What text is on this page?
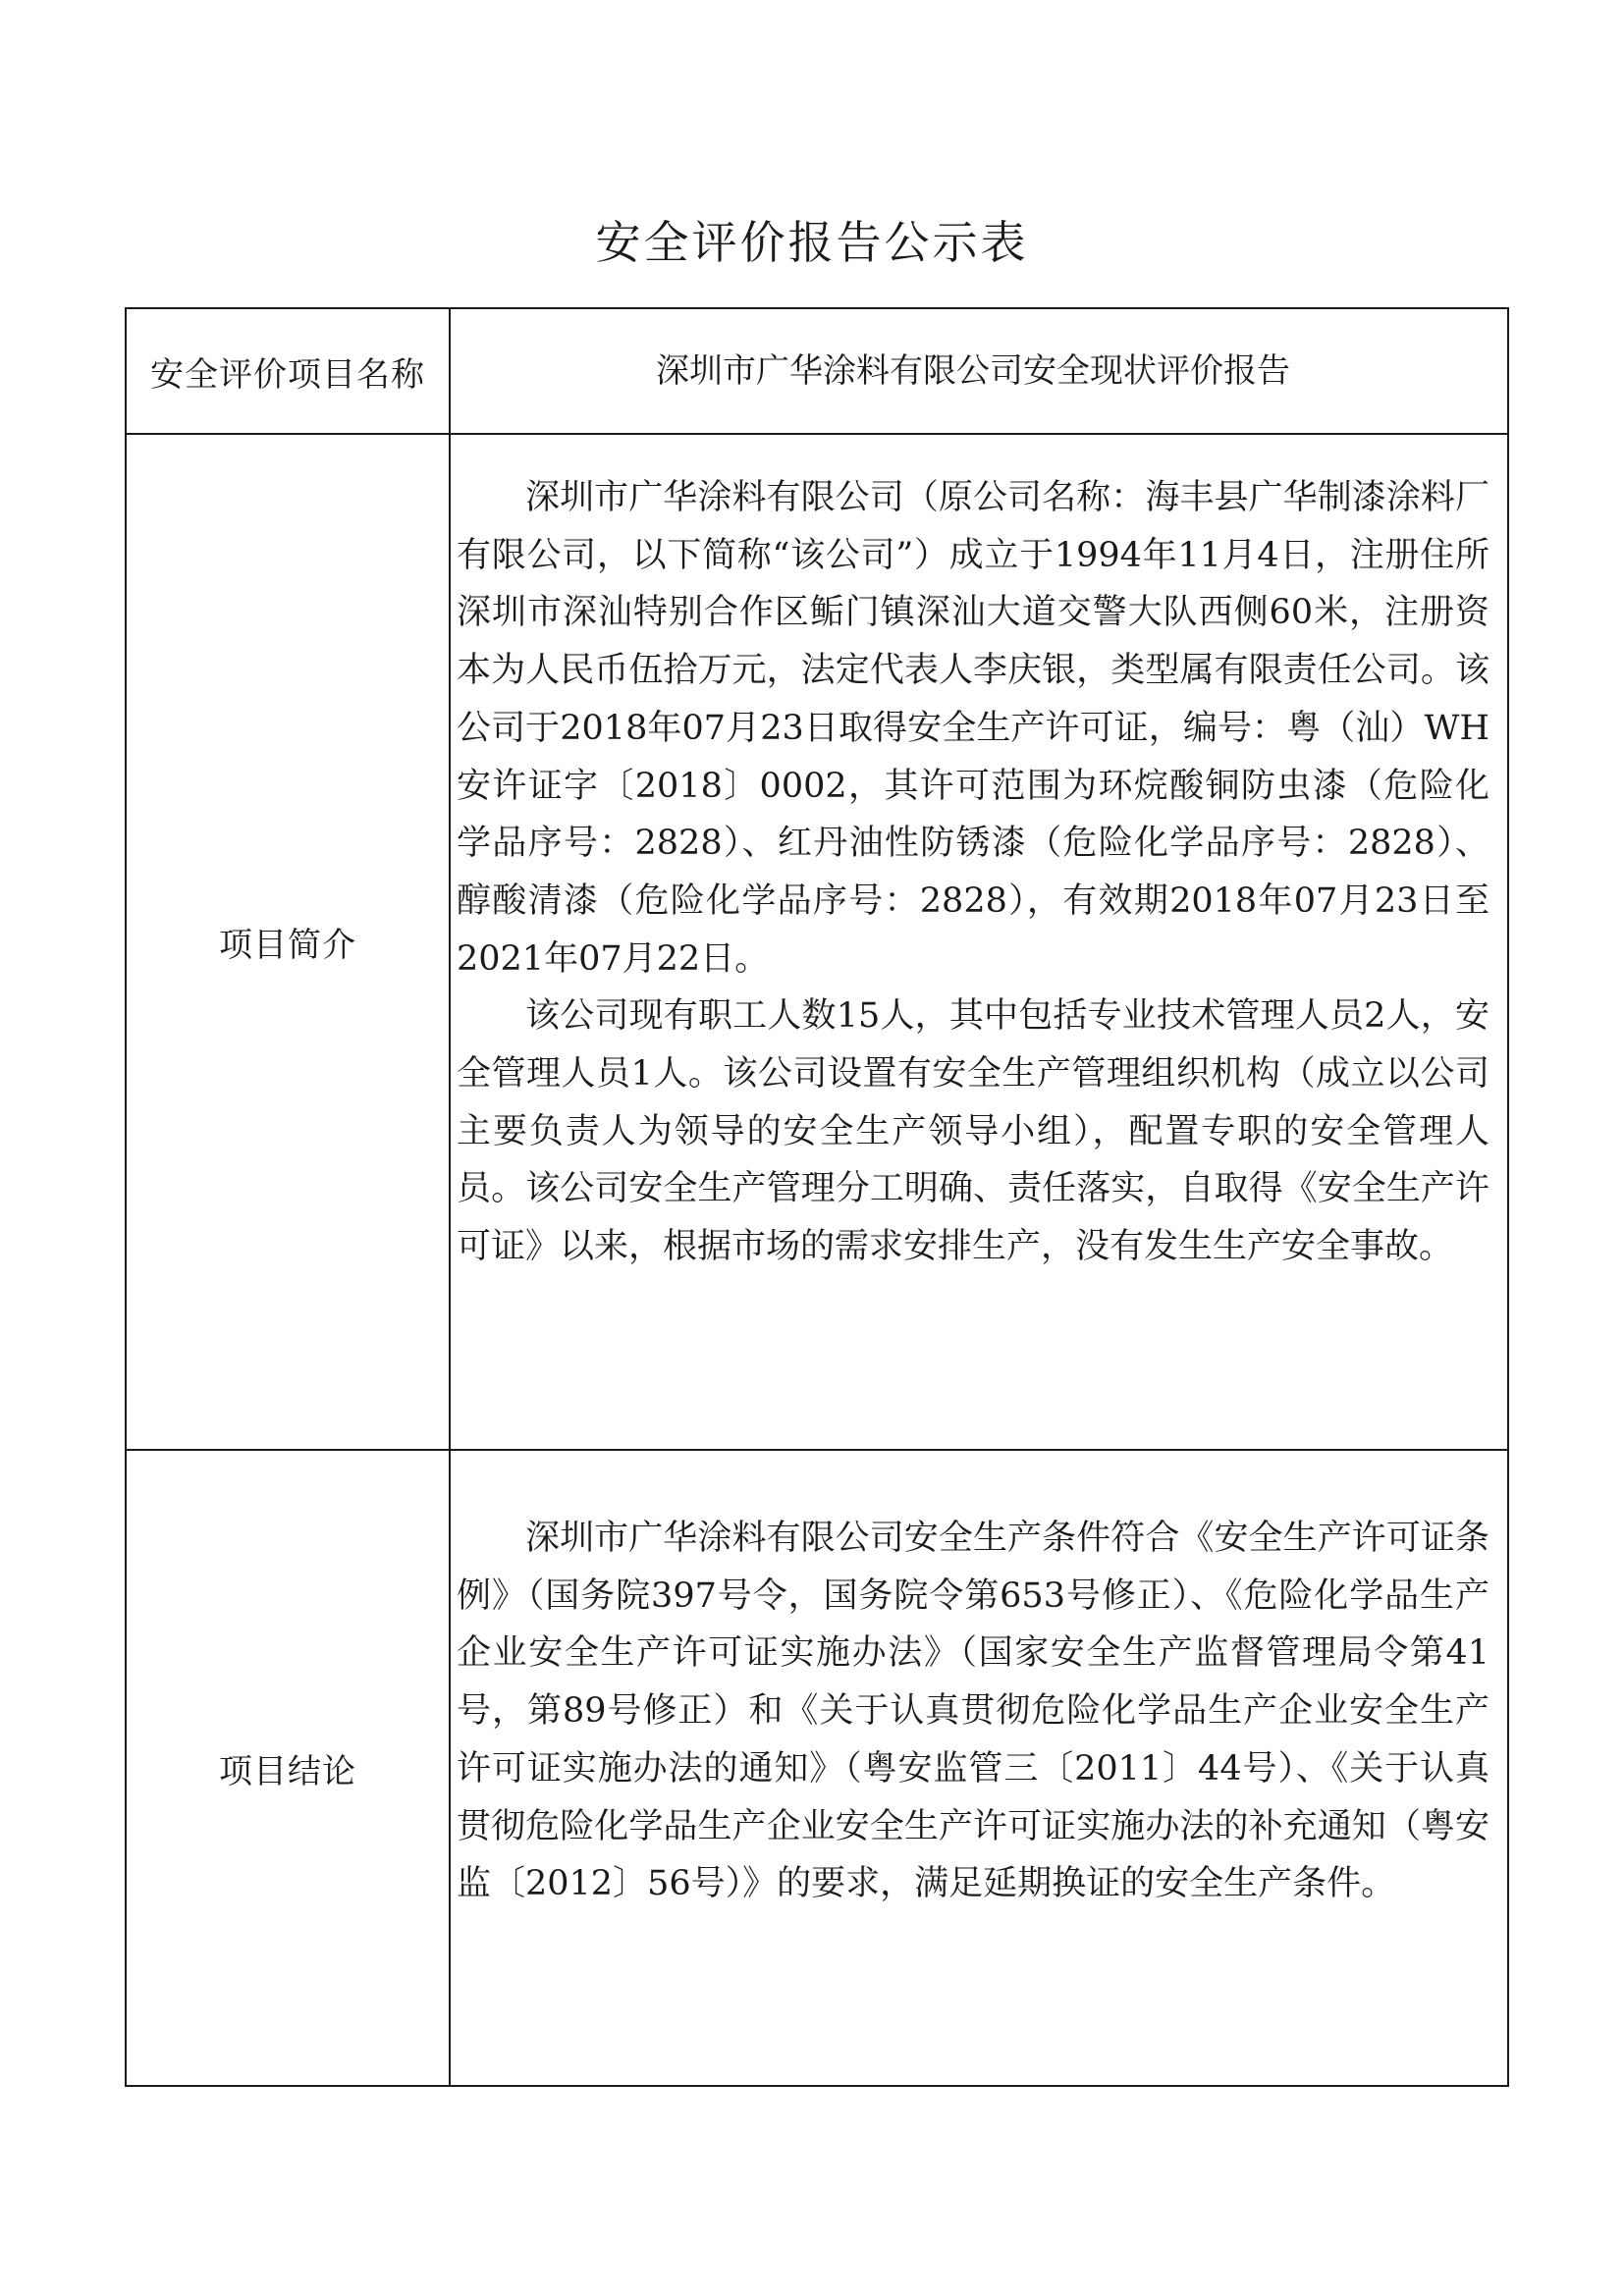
安全评价报告公示表
安全评价项目名称	深圳市广华涂料有限公司安全现状评价报告
项目简介	深圳市广华涂料有限公司（原公司名称：海丰县广华制漆涂料厂有限公司，以下简称“该公司”）成立于1994年11月4日，注册住所深圳市深汕特别合作区鲘门镇深汕大道交警大队西侧60米，注册资本为人民币伍拾万元，法定代表人李庆银，类型属有限责任公司。该公司于2018年07月23日取得安全生产许可证，编号：粤（汕）WH安许证字〔2018〕0002，其许可范围为环烷酸铜防虫漆（危险化学品序号：2828）、红丹油性防锈漆（危险化学品序号：2828）、醇酸清漆（危险化学品序号：2828），有效期2018年07月23日至2021年07月22日。

该公司现有职工人数15人，其中包括专业技术管理人员2人，安全管理人员1人。该公司设置有安全生产管理组织机构（成立以公司主要负责人为领导的安全生产领导小组），配置专职的安全管理人员。该公司安全生产管理分工明确、责任落实，自取得《安全生产许可证》以来，根据市场的需求安排生产，没有发生生产安全事故。

项目结论	深圳市广华涂料有限公司安全生产条件符合《安全生产许可证条例》（国务院397号令，国务院令第653号修正）、《危险化学品生产企业安全生产许可证实施办法》（国家安全生产监督管理局令第41号，第89号修正）和《关于认真贯彻危险化学品生产企业安全生产许可证实施办法的通知》（粤安监管三〔2011〕44号）、《关于认真贯彻危险化学品生产企业安全生产许可证实施办法的补充通知（粤安监〔2012〕56号）》的要求，满足延期换证的安全生产条件。
